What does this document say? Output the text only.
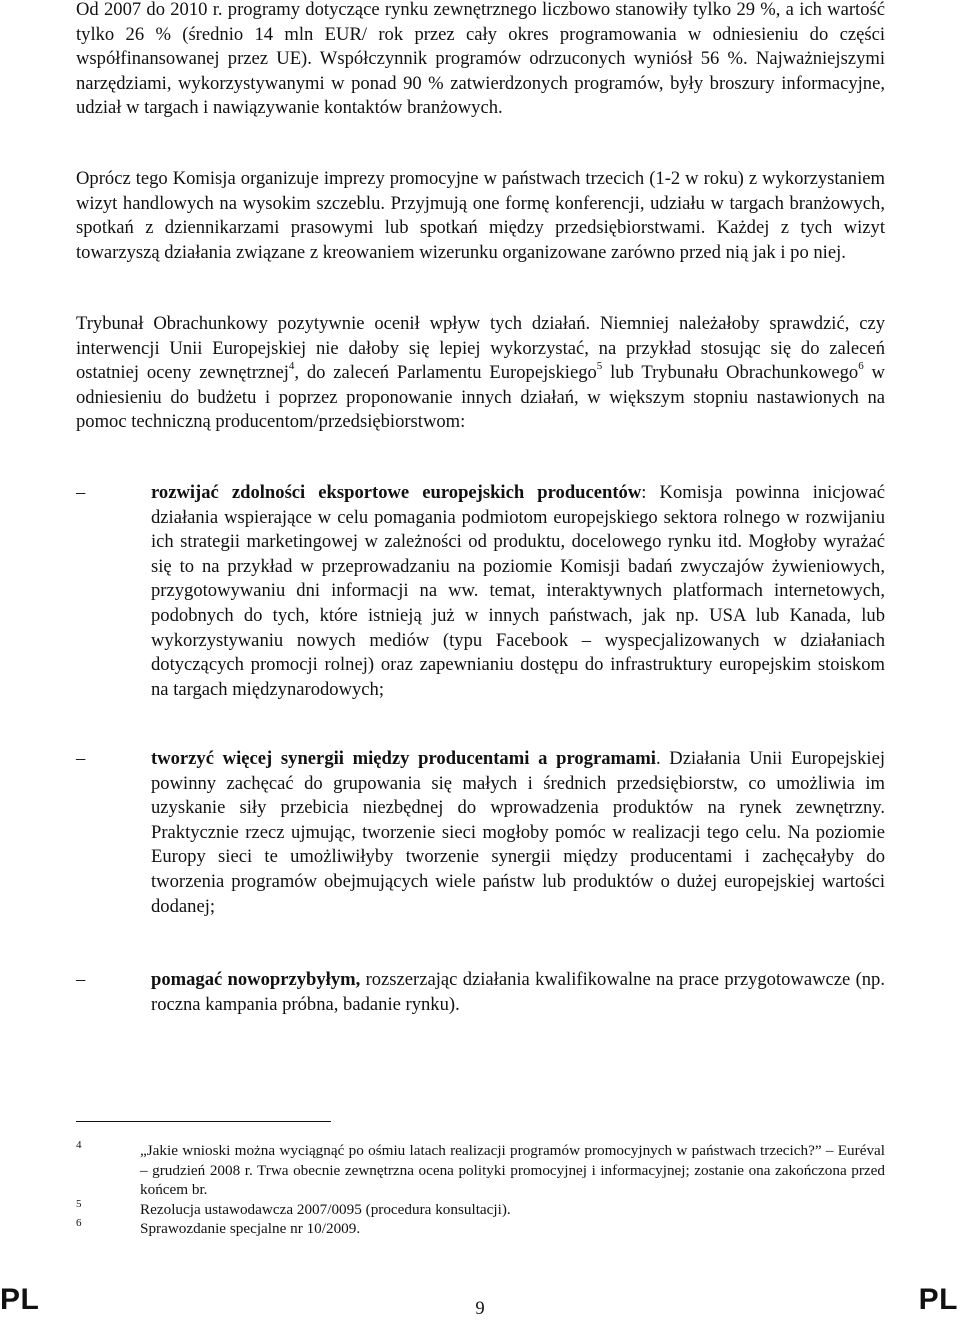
Od 2007 do 2010 r. programy dotyczące rynku zewnętrznego liczbowo stanowiły tylko 29 %, a ich wartość tylko 26 % (średnio 14 mln EUR/ rok przez cały okres programowania w odniesieniu do części współfinansowanej przez UE). Współczynnik programów odrzuconych wyniósł 56 %. Najważniejszymi narzędziami, wykorzystywanymi w ponad 90 % zatwierdzonych programów, były broszury informacyjne, udział w targach i nawiązywanie kontaktów branżowych.

Oprócz tego Komisja organizuje imprezy promocyjne w państwach trzecich (1-2 w roku) z wykorzystaniem wizyt handlowych na wysokim szczeblu. Przyjmują one formę konferencji, udziału w targach branżowych, spotkań z dziennikarzami prasowymi lub spotkań między przedsiębiorstwami. Każdej z tych wizyt towarzyszą działania związane z kreowaniem wizerunku organizowane zarówno przed nią jak i po niej.

Trybunał Obrachunkowy pozytywnie ocenił wpływ tych działań. Niemniej należałoby sprawdzić, czy interwencji Unii Europejskiej nie dałoby się lepiej wykorzystać, na przykład stosując się do zaleceń ostatniej oceny zewnętrznej$^4$, do zaleceń Parlamentu Europejskiego$^5$ lub Trybunału Obrachunkowego$^6$ w odniesieniu do budżetu i poprzez proponowanie innych działań, w większym stopniu nastawionych na pomoc techniczną producentom/przedsiębiorstwom:

–	rozwijać zdolności eksportowe europejskich producentów: Komisja powinna inicjować działania wspierające w celu pomagania podmiotom europejskiego sektora rolnego w rozwijaniu ich strategii marketingowej w zależności od produktu, docelowego rynku itd. Mogłoby wyrażać się to na przykład w przeprowadzaniu na poziomie Komisji badań zwyczajów żywieniowych, przygotowywaniu dni informacji na ww. temat, interaktywnych platformach internetowych, podobnych do tych, które istnieją już w innych państwach, jak np. USA lub Kanada, lub wykorzystywaniu nowych mediów (typu Facebook – wyspecjalizowanych w działaniach dotyczących promocji rolnej) oraz zapewnianiu dostępu do infrastruktury europejskim stoiskom na targach międzynarodowych;
–	tworzyć więcej synergii między producentami a programami. Działania Unii Europejskiej powinny zachęcać do grupowania się małych i średnich przedsiębiorstw, co umożliwia im uzyskanie siły przebicia niezbędnej do wprowadzenia produktów na rynek zewnętrzny. Praktycznie rzecz ujmując, tworzenie sieci mogłoby pomóc w realizacji tego celu. Na poziomie Europy sieci te umożliwiłyby tworzenie synergii między producentami i zachęcałyby do tworzenia programów obejmujących wiele państw lub produktów o dużej europejskiej wartości dodanej;
–	pomagać nowoprzybyłym, rozszerzając działania kwalifikowalne na prace przygotowawcze (np. roczna kampania próbna, badanie rynku).
4	„Jakie wnioski można wyciągnąć po ośmiu latach realizacji programów promocyjnych w państwach trzecich?” – Euréval – grudzień 2008 r. Trwa obecnie zewnętrzna ocena polityki promocyjnej i informacyjnej; zostanie ona zakończona przed końcem br.
5	Rezolucja ustawodawcza 2007/0095 (procedura konsultacji).
6	Sprawozdanie specjalne nr 10/2009.
PL	9	PL
